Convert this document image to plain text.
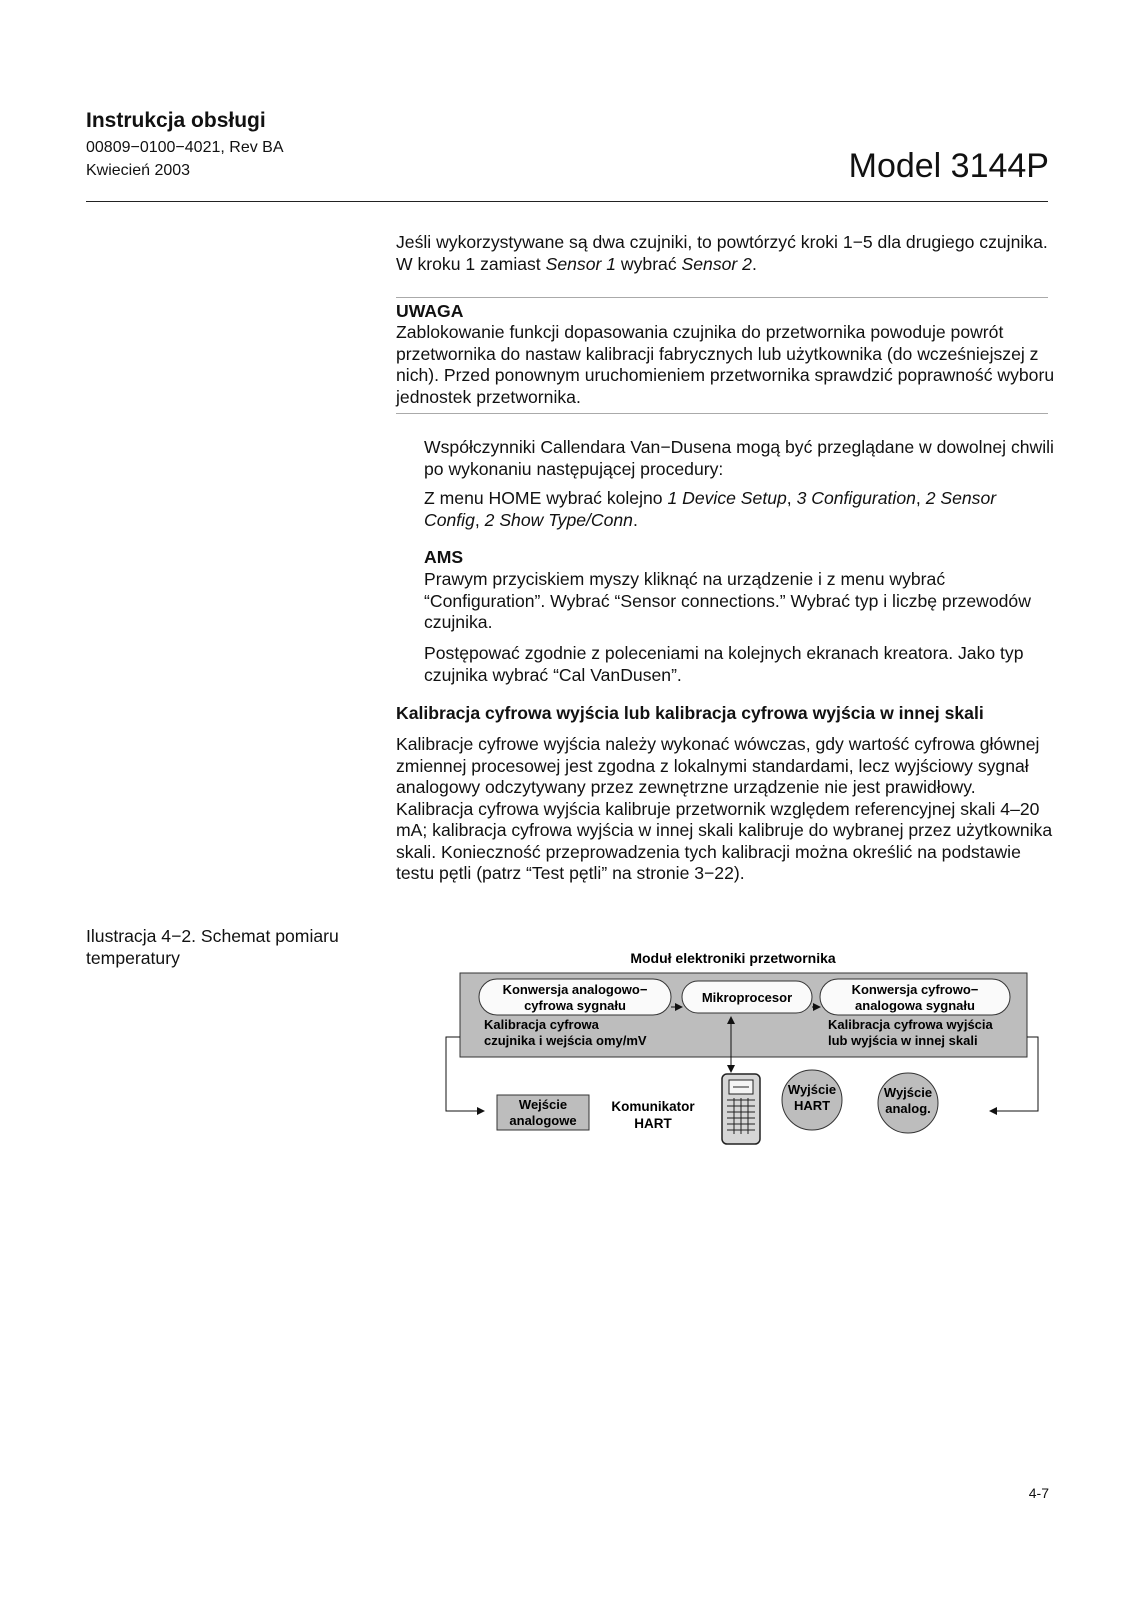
Instrukcja obsługi
00809−0100−4021, Rev BA
Kwiecień 2003	Model 3144P
Jeśli wykorzystywane są dwa czujniki, to powtórzyć kroki 1−5 dla drugiego czujnika. W kroku 1 zamiast Sensor 1 wybrać Sensor 2.
UWAGA
Zablokowanie funkcji dopasowania czujnika do przetwornika powoduje powrót przetwornika do nastaw kalibracji fabrycznych lub użytkownika (do wcześniejszej z nich). Przed ponownym uruchomieniem przetwornika sprawdzić poprawność wyboru jednostek przetwornika.
Współczynniki Callendara Van−Dusena mogą być przeglądane w dowolnej chwili po wykonaniu następującej procedury:
Z menu HOME wybrać kolejno 1 Device Setup, 3 Configuration, 2 Sensor Config, 2 Show Type/Conn.
AMS
Prawym przyciskiem myszy kliknąć na urządzenie i z menu wybrać “Configuration”. Wybrać “Sensor connections.” Wybrać typ i liczbę przewodów czujnika.
Postępować zgodnie z poleceniami na kolejnych ekranach kreatora. Jako typ czujnika wybrać “Cal VanDusen”.
Kalibracja cyfrowa wyjścia lub kalibracja cyfrowa wyjścia w innej skali
Kalibracje cyfrowe wyjścia należy wykonać wówczas, gdy wartość cyfrowa głównej zmiennej procesowej jest zgodna z lokalnymi standardami, lecz wyjściowy sygnał analogowy odczytywany przez zewnętrzne urządzenie nie jest prawidłowy. Kalibracja cyfrowa wyjścia kalibruje przetwornik względem referencyjnej skali 4–20 mA; kalibracja cyfrowa wyjścia w innej skali kalibruje do wybranej przez użytkownika skali. Konieczność przeprowadzenia tych kalibracji można określić na podstawie testu pętli (patrz “Test pętli” na stronie 3−22).
Ilustracja 4−2. Schemat pomiaru temperatury	Moduł elektroniki przetwornika
Konwersja analogowo−
cyfrowa sygnału
Mikroprocesor
Konwersja cyfrowo−
analogowa sygnału
Kalibracja cyfrowa
czujnika i wejścia omy/mV
Kalibracja cyfrowa wyjścia
lub wyjścia w innej skali
Wejście
analogowe
Komunikator
HART
Wyjście
HART
Wyjście
analog.
4-7
